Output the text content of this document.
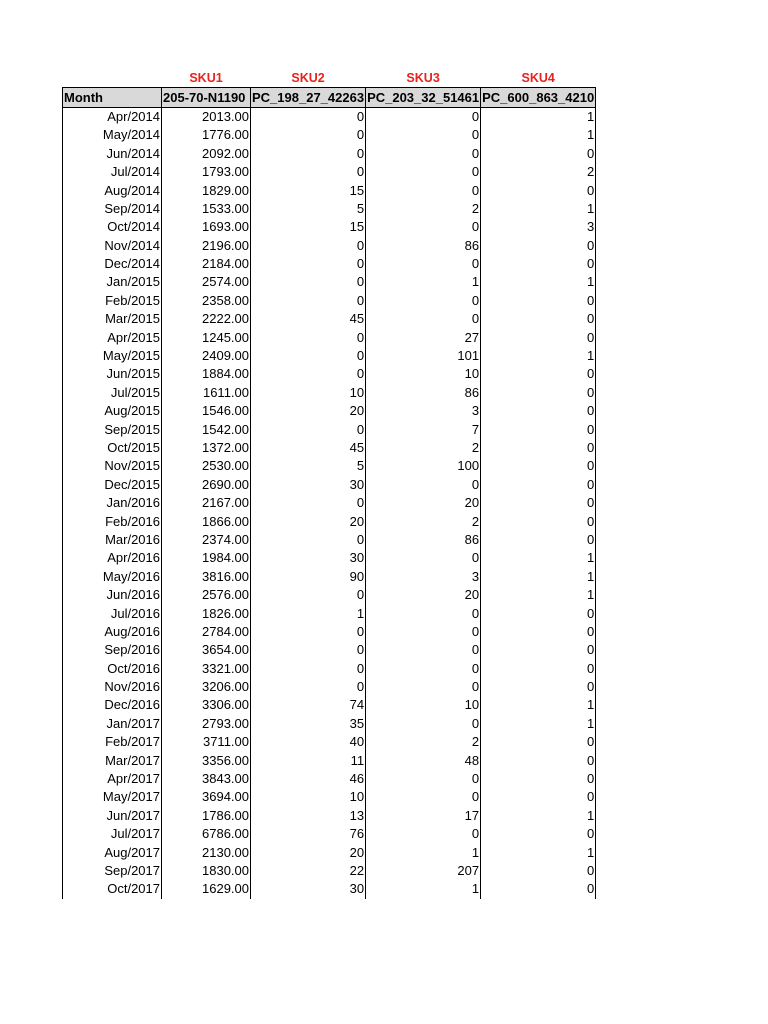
	SKU1	SKU2	SKU3	SKU4
Month	205-70-N1190	PC_198_27_42263	PC_203_32_51461	PC_600_863_4210
Apr/2014	2013.00	0	0	1
May/2014	1776.00	0	0	1
Jun/2014	2092.00	0	0	0
Jul/2014	1793.00	0	0	2
Aug/2014	1829.00	15	0	0
Sep/2014	1533.00	5	2	1
Oct/2014	1693.00	15	0	3
Nov/2014	2196.00	0	86	0
Dec/2014	2184.00	0	0	0
Jan/2015	2574.00	0	1	1
Feb/2015	2358.00	0	0	0
Mar/2015	2222.00	45	0	0
Apr/2015	1245.00	0	27	0
May/2015	2409.00	0	101	1
Jun/2015	1884.00	0	10	0
Jul/2015	1611.00	10	86	0
Aug/2015	1546.00	20	3	0
Sep/2015	1542.00	0	7	0
Oct/2015	1372.00	45	2	0
Nov/2015	2530.00	5	100	0
Dec/2015	2690.00	30	0	0
Jan/2016	2167.00	0	20	0
Feb/2016	1866.00	20	2	0
Mar/2016	2374.00	0	86	0
Apr/2016	1984.00	30	0	1
May/2016	3816.00	90	3	1
Jun/2016	2576.00	0	20	1
Jul/2016	1826.00	1	0	0
Aug/2016	2784.00	0	0	0
Sep/2016	3654.00	0	0	0
Oct/2016	3321.00	0	0	0
Nov/2016	3206.00	0	0	0
Dec/2016	3306.00	74	10	1
Jan/2017	2793.00	35	0	1
Feb/2017	3711.00	40	2	0
Mar/2017	3356.00	11	48	0
Apr/2017	3843.00	46	0	0
May/2017	3694.00	10	0	0
Jun/2017	1786.00	13	17	1
Jul/2017	6786.00	76	0	0
Aug/2017	2130.00	20	1	1
Sep/2017	1830.00	22	207	0
Oct/2017	1629.00	30	1	0
